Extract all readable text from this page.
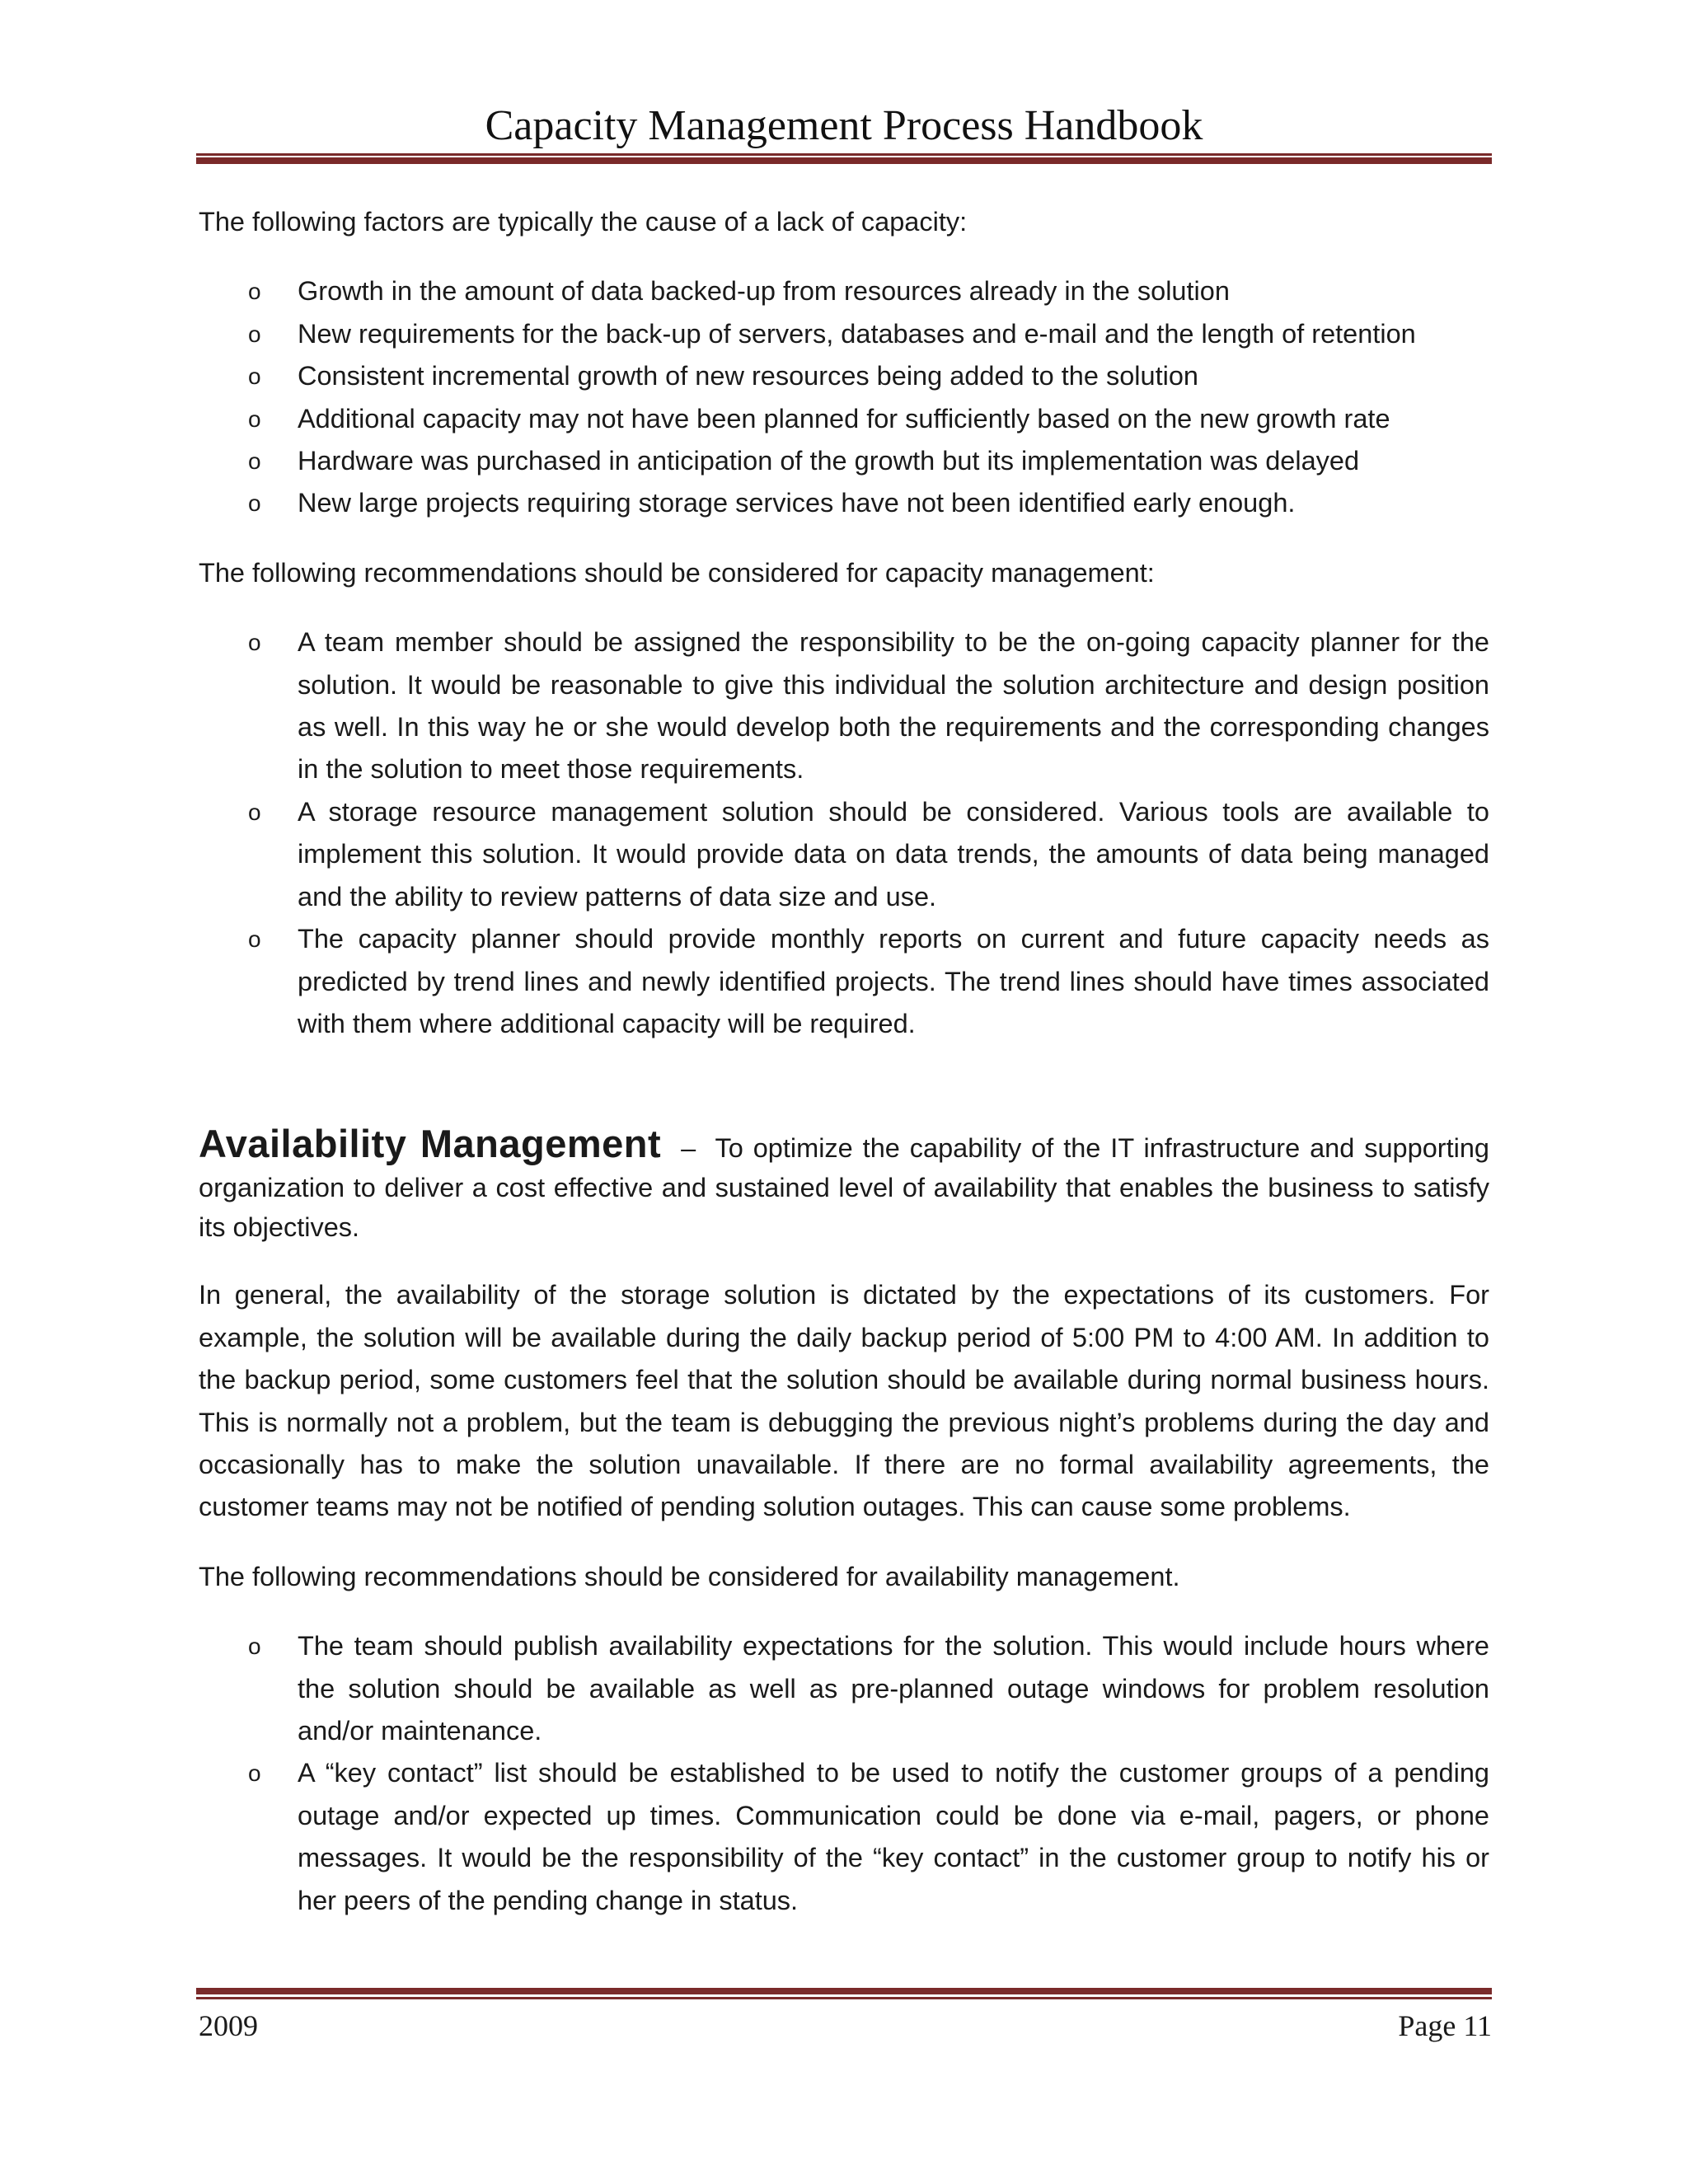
Capacity Management Process Handbook

The following factors are typically the cause of a lack of capacity:

o Growth in the amount of data backed-up from resources already in the solution
o New requirements for the back-up of servers, databases and e-mail and the length of retention
o Consistent incremental growth of new resources being added to the solution
o Additional capacity may not have been planned for sufficiently based on the new growth rate
o Hardware was purchased in anticipation of the growth but its implementation was delayed
o New large projects requiring storage services have not been identified early enough.

The following recommendations should be considered for capacity management:

o A team member should be assigned the responsibility to be the on-going capacity planner for the solution. It would be reasonable to give this individual the solution architecture and design position as well. In this way he or she would develop both the requirements and the corresponding changes in the solution to meet those requirements.
o A storage resource management solution should be considered. Various tools are available to implement this solution. It would provide data on data trends, the amounts of data being managed and the ability to review patterns of data size and use.
o The capacity planner should provide monthly reports on current and future capacity needs as predicted by trend lines and newly identified projects. The trend lines should have times associated with them where additional capacity will be required.

Availability Management – To optimize the capability of the IT infrastructure and supporting organization to deliver a cost effective and sustained level of availability that enables the business to satisfy its objectives.

In general, the availability of the storage solution is dictated by the expectations of its customers. For example, the solution will be available during the daily backup period of 5:00 PM to 4:00 AM. In addition to the backup period, some customers feel that the solution should be available during normal business hours. This is normally not a problem, but the team is debugging the previous night’s problems during the day and occasionally has to make the solution unavailable. If there are no formal availability agreements, the customer teams may not be notified of pending solution outages. This can cause some problems.

The following recommendations should be considered for availability management.

o The team should publish availability expectations for the solution. This would include hours where the solution should be available as well as pre-planned outage windows for problem resolution and/or maintenance.
o A “key contact” list should be established to be used to notify the customer groups of a pending outage and/or expected up times. Communication could be done via e-mail, pagers, or phone messages. It would be the responsibility of the “key contact” in the customer group to notify his or her peers of the pending change in status.
2009	Page 11
